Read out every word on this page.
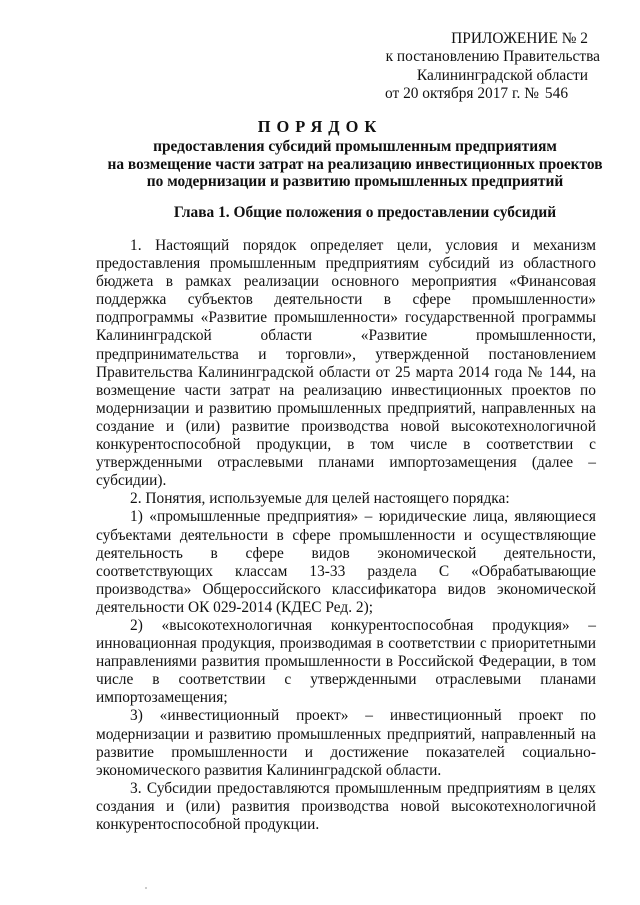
ПРИЛОЖЕНИЕ № 2
к постановлению Правительства
Калининградской области
от 20 октября 2017 г. № 546
ПОРЯДОК
предоставления субсидий промышленным предприятиям
на возмещение части затрат на реализацию инвестиционных проектов
по модернизации и развитию промышленных предприятий
Глава 1. Общие положения о предоставлении субсидий

1. Настоящий порядок определяет цели, условия и механизм предоставления промышленным предприятиям субсидий из областного бюджета в рамках реализации основного мероприятия «Финансовая поддержка субъектов деятельности в сфере промышленности» подпрограммы «Развитие промышленности» государственной программы Калининградской области «Развитие промышленности, предпринимательства и торговли», утвержденной постановлением Правительства Калининградской области от 25 марта 2014 года № 144, на возмещение части затрат на реализацию инвестиционных проектов по модернизации и развитию промышленных предприятий, направленных на создание и (или) развитие производства новой высокотехнологичной конкурентоспособной продукции, в том числе в соответствии с утвержденными отраслевыми планами импортозамещения (далее – субсидии).

2. Понятия, используемые для целей настоящего порядка:

1) «промышленные предприятия» – юридические лица, являющиеся субъектами деятельности в сфере промышленности и осуществляющие деятельность в сфере видов экономической деятельности, соответствующих классам 13-33 раздела С «Обрабатывающие производства» Общероссийского классификатора видов экономической деятельности ОК 029-2014 (КДЕС Ред. 2);

2) «высокотехнологичная конкурентоспособная продукция» – инновационная продукция, производимая в соответствии с приоритетными направлениями развития промышленности в Российской Федерации, в том числе в соответствии с утвержденными отраслевыми планами импортозамещения;

3) «инвестиционный проект» – инвестиционный проект по модернизации и развитию промышленных предприятий, направленный на развитие промышленности и достижение показателей социально-экономического развития Калининградской области.

3. Субсидии предоставляются промышленным предприятиям в целях создания и (или) развития производства новой высокотехнологичной конкурентоспособной продукции.
